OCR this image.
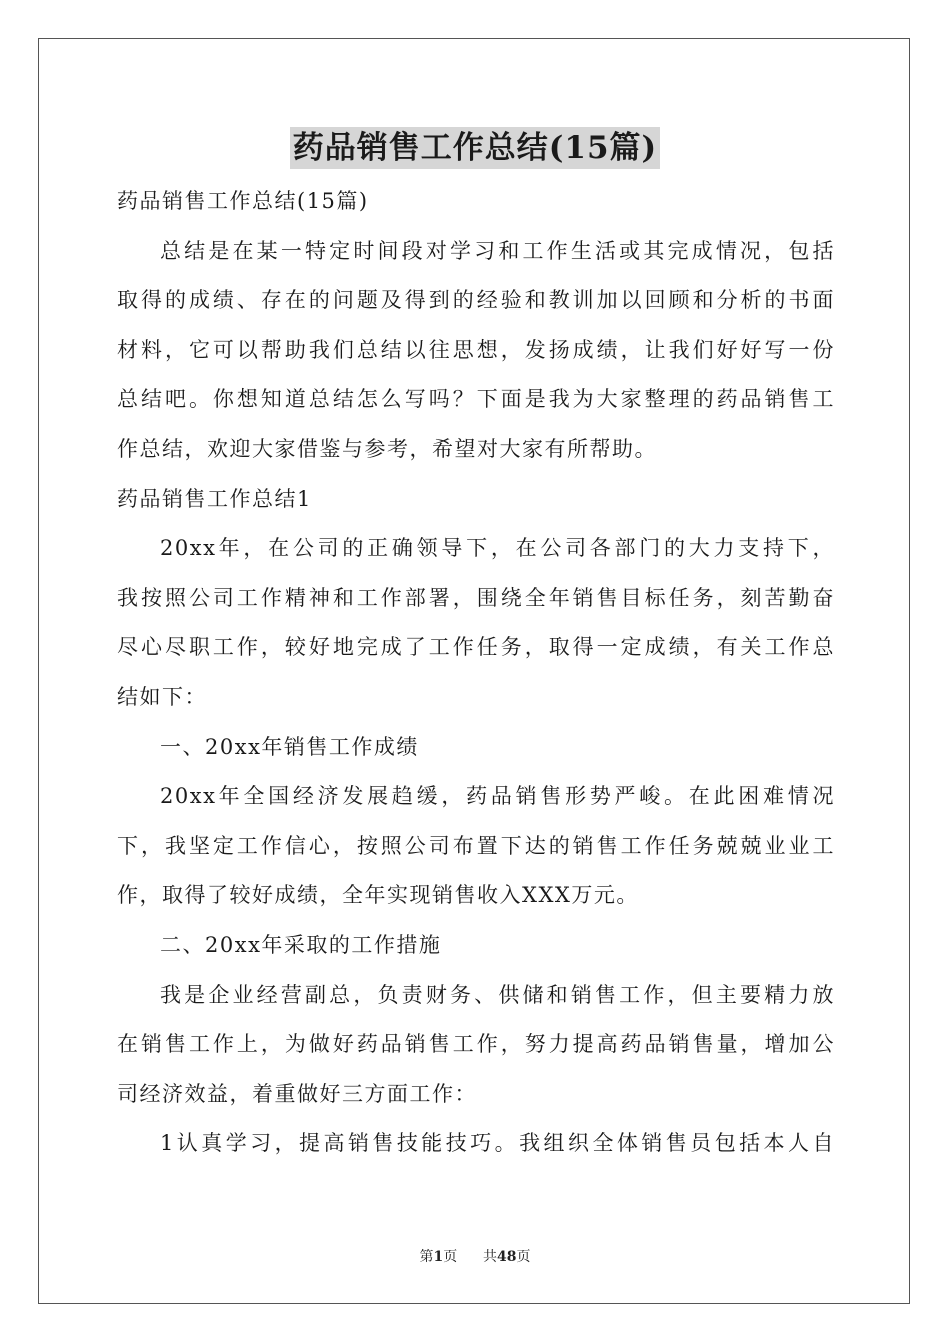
药品销售工作总结(15篇)
药品销售工作总结(15篇)
总结是在某一特定时间段对学习和工作生活或其完成情况，包括
取得的成绩、存在的问题及得到的经验和教训加以回顾和分析的书面
材料，它可以帮助我们总结以往思想，发扬成绩，让我们好好写一份
总结吧。你想知道总结怎么写吗？下面是我为大家整理的药品销售工
作总结，欢迎大家借鉴与参考，希望对大家有所帮助。
药品销售工作总结1
20xx年，在公司的正确领导下，在公司各部门的大力支持下，
我按照公司工作精神和工作部署，围绕全年销售目标任务，刻苦勤奋
尽心尽职工作，较好地完成了工作任务，取得一定成绩，有关工作总
结如下：
一、20xx年销售工作成绩
20xx年全国经济发展趋缓，药品销售形势严峻。在此困难情况
下，我坚定工作信心，按照公司布置下达的销售工作任务兢兢业业工
作，取得了较好成绩，全年实现销售收入XXX万元。
二、20xx年采取的工作措施
我是企业经营副总，负责财务、供储和销售工作，但主要精力放
在销售工作上，为做好药品销售工作，努力提高药品销售量，增加公
司经济效益，着重做好三方面工作：
1认真学习，提高销售技能技巧。我组织全体销售员包括本人自
第1页 共48页
